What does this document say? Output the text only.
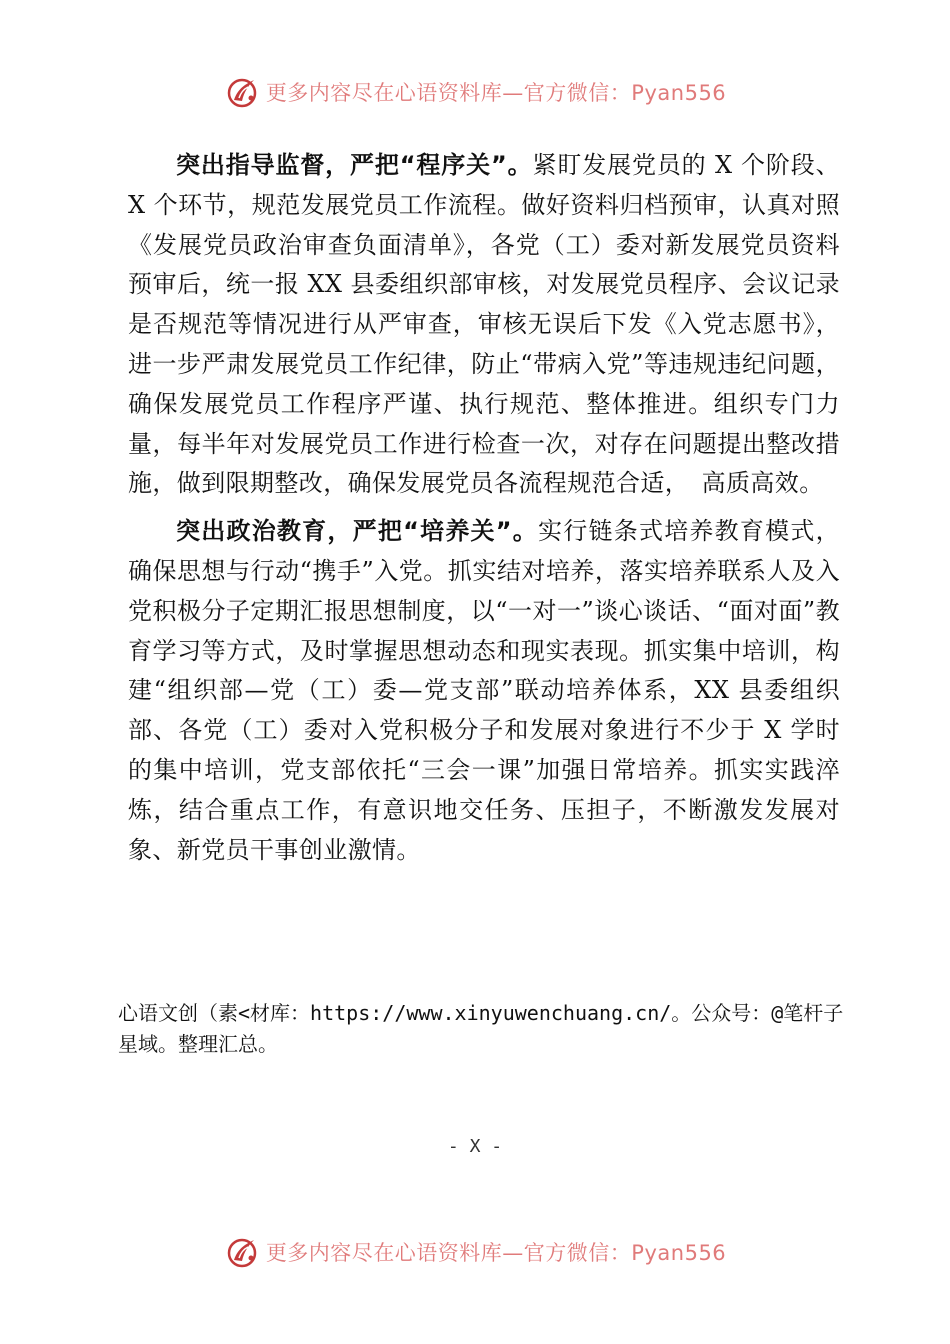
更多内容尽在心语资料库—官方微信：Pyan556

突出指导监督，严把“程序关”。紧盯发展党员的 X 个阶段、X 个环节，规范发展党员工作流程。做好资料归档预审，认真对照《发展党员政治审查负面清单》，各党（工）委对新发展党员资料预审后，统一报 XX 县委组织部审核，对发展党员程序、会议记录是否规范等情况进行从严审查，审核无误后下发《入党志愿书》，进一步严肃发展党员工作纪律，防止“带病入党”等违规违纪问题，确保发展党员工作程序严谨、执行规范、整体推进。组织专门力量，每半年对发展党员工作进行检查一次，对存在问题提出整改措施，做到限期整改，确保发展党员各流程规范合适，　高质高效。

突出政治教育，严把“培养关”。实行链条式培养教育模式，确保思想与行动“携手”入党。抓实结对培养，落实培养联系人及入党积极分子定期汇报思想制度，以“一对一”谈心谈话、“面对面”教育学习等方式，及时掌握思想动态和现实表现。抓实集中培训，构建“组织部—党（工）委—党支部”联动培养体系，XX 县委组织部、各党（工）委对入党积极分子和发展对象进行不少于 X 学时的集中培训，党支部依托“三会一课”加强日常培养。抓实实践淬炼，结合重点工作，有意识地交任务、压担子，不断激发发展对象、新党员干事创业激情。

心语文创（素<材库：https://www.xinyuwenchuang.cn/。公众号：@笔杆子星域。整理汇总。
- X -
更多内容尽在心语资料库—官方微信：Pyan556
